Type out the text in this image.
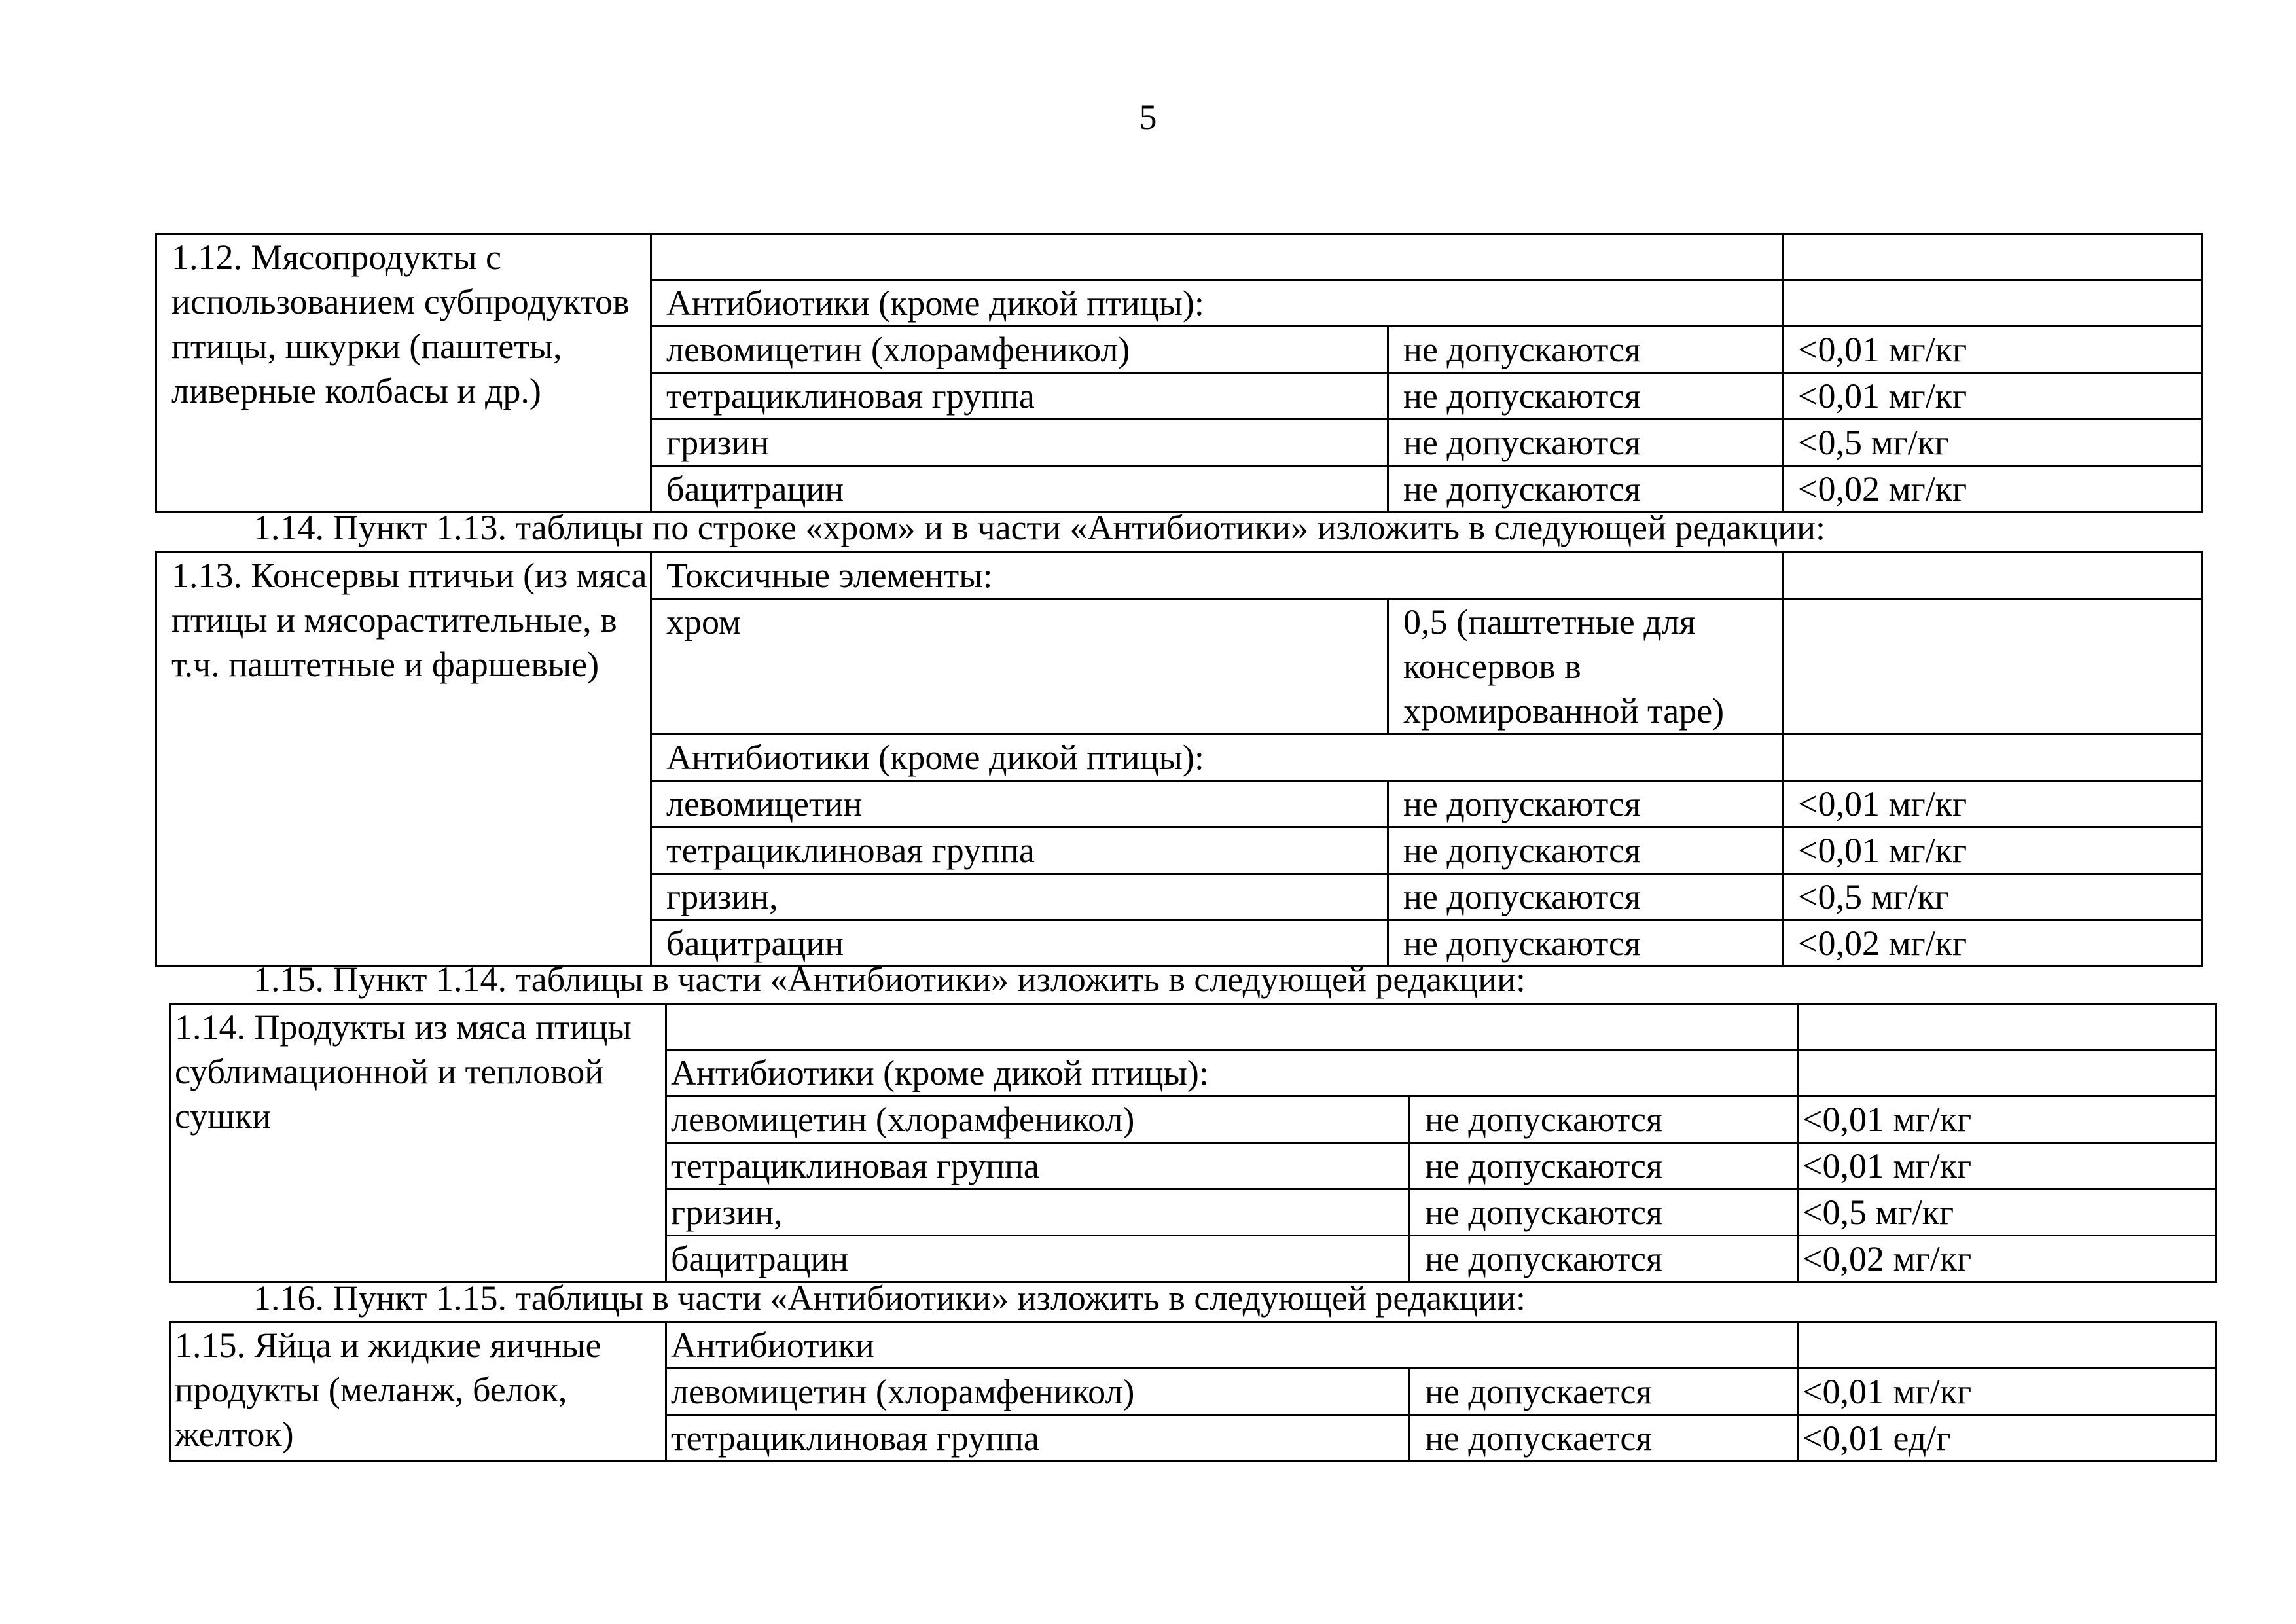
5
1.12. Мясопродукты с использованием субпродуктов птицы, шкурки (паштеты, ливерные колбасы и др.)			
	Антибиотики (кроме дикой птицы):		
	левомицетин (хлорамфеникол)	не допускаются	<0,01 мг/кг
	тетрациклиновая группа	не допускаются	<0,01 мг/кг
	гризин	не допускаются	<0,5 мг/кг
	бацитрацин	не допускаются	<0,02 мг/кг
1.14. Пункт 1.13. таблицы по строке «хром» и в части «Антибиотики» изложить в следующей редакции:
1.13. Консервы птичьи (из мяса птицы и мясорастительные, в т.ч. паштетные и фаршевые)	Токсичные элементы:		
	хром	0,5 (паштетные для консервов в хромированной таре)	
	Антибиотики (кроме дикой птицы):		
	левомицетин	не допускаются	<0,01 мг/кг
	тетрациклиновая группа	не допускаются	<0,01 мг/кг
	гризин,	не допускаются	<0,5 мг/кг
	бацитрацин	не допускаются	<0,02 мг/кг
1.15. Пункт 1.14. таблицы в части «Антибиотики» изложить в следующей редакции:
1.14. Продукты из мяса птицы сублимационной и тепловой сушки			
	Антибиотики (кроме дикой птицы):		
	левомицетин (хлорамфеникол)	не допускаются	<0,01 мг/кг
	тетрациклиновая группа	не допускаются	<0,01 мг/кг
	гризин,	не допускаются	<0,5 мг/кг
	бацитрацин	не допускаются	<0,02 мг/кг
1.16. Пункт 1.15. таблицы в части «Антибиотики» изложить в следующей редакции:
1.15. Яйца и жидкие яичные продукты (меланж, белок, желток)	Антибиотики		
	левомицетин (хлорамфеникол)	не допускается	<0,01 мг/кг
	тетрациклиновая группа	не допускается	<0,01 ед/г
